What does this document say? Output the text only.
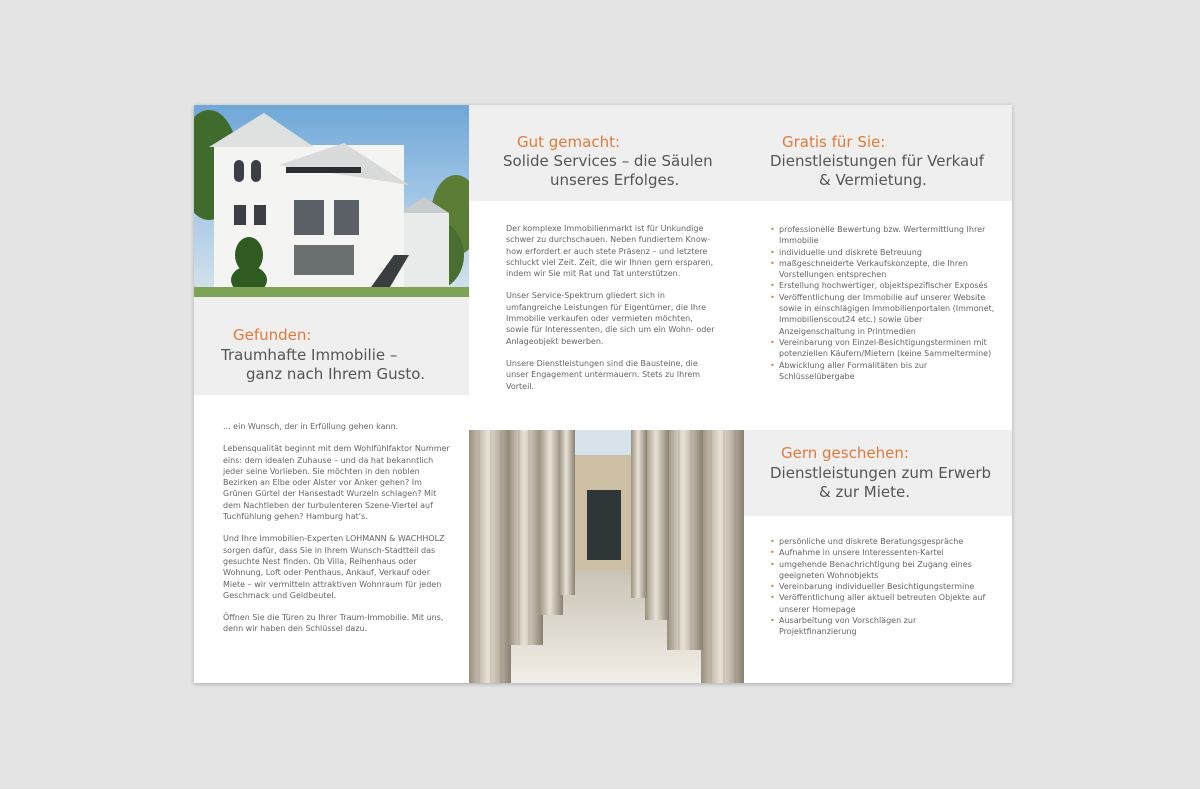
Gefunden:
Traumhafte Immobilie –
ganz nach Ihrem Gusto.

... ein Wunsch, der in Erfüllung gehen kann.

Lebensqualität beginnt mit dem Wohlfühlfaktor Nummer eins: dem idealen Zuhause – und da hat bekanntlich jeder seine Vorlieben. Sie möchten in den noblen Bezirken an Elbe oder Alster vor Anker gehen? Im Grünen Gürtel der Hansestadt Wurzeln schlagen? Mit dem Nachtleben der turbulenteren Szene-Viertel auf Tuchfühlung gehen? Hamburg hat's.

Und Ihre Immobilien-Experten LOHMANN & WACHHOLZ sorgen dafür, dass Sie in Ihrem Wunsch-Stadtteil das gesuchte Nest finden. Ob Villa, Reihenhaus oder Wohnung, Loft oder Penthaus, Ankauf, Verkauf oder Miete – wir vermitteln attraktiven Wohnraum für jeden Geschmack und Geldbeutel.

Öffnen Sie die Türen zu Ihrer Traum-Immobilie. Mit uns, denn wir haben den Schlüssel dazu.

Gut gemacht:
Solide Services – die Säulen
unseres Erfolges.

Der komplexe Immobilienmarkt ist für Unkundige schwer zu durchschauen. Neben fundiertem Know-how erfordert er auch stete Präsenz – und letztere schluckt viel Zeit. Zeit, die wir Ihnen gern ersparen, indem wir Sie mit Rat und Tat unterstützen.

Unser Service-Spektrum gliedert sich in umfangreiche Leistungen für Eigentümer, die Ihre Immobilie verkaufen oder vermieten möchten, sowie für Interessenten, die sich um ein Wohn- oder Anlageobjekt bewerben.

Unsere Dienstleistungen sind die Bausteine, die unser Engagement untermauern. Stets zu Ihrem Vorteil.

Gratis für Sie:
Dienstleistungen für Verkauf
& Vermietung.
• professionelle Bewertung bzw. Wertermittlung Ihrer Immobilie
• individuelle und diskrete Betreuung
• maßgeschneiderte Verkaufskonzepte, die Ihren Vorstellungen entsprechen
• Erstellung hochwertiger, objektspezifischer Exposés
• Veröffentlichung der Immobilie auf unserer Website sowie in einschlägigen Immobilienportalen (Immonet, Immobilienscout24 etc.) sowie über Anzeigenschaltung in Printmedien
• Vereinbarung von Einzel-Besichtigungsterminen mit potenziellen Käufern/Mietern (keine Sammeltermine)
• Abwicklung aller Formalitäten bis zur Schlüsselübergabe
Gern geschehen:
Dienstleistungen zum Erwerb
& zur Miete.
• persönliche und diskrete Beratungsgespräche
• Aufnahme in unsere Interessenten-Kartei
• umgehende Benachrichtigung bei Zugang eines geeigneten Wohnobjekts
• Vereinbarung individueller Besichtigungstermine
• Veröffentlichung aller aktuell betreuten Objekte auf unserer Homepage
• Ausarbeitung von Vorschlägen zur Projektfinanzierung
